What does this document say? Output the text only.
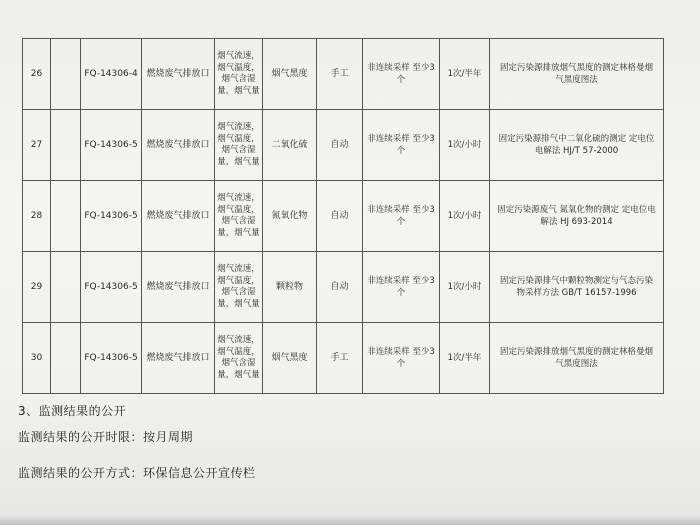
26		FQ-14306-4	燃烧废气排放口	烟气流速，烟气温度，烟气含湿量，烟气量	烟气黑度	手工	非连续采样 至少3个	1次/半年	固定污染源排放烟气黑度的测定林格曼烟气黑度图法
27		FQ-14306-5	燃烧废气排放口	烟气流速，烟气温度，烟气含湿量，烟气量	二氧化硫	自动	非连续采样 至少3个	1次/小时	固定污染源排气中二氧化硫的测定 定电位电解法 HJ/T 57-2000
28		FQ-14306-5	燃烧废气排放口	烟气流速，烟气温度，烟气含湿量，烟气量	氮氧化物	自动	非连续采样 至少3个	1次/小时	固定污染源废气 氮氧化物的测定 定电位电解法 HJ 693-2014
29		FQ-14306-5	燃烧废气排放口	烟气流速，烟气温度，烟气含湿量，烟气量	颗粒物	自动	非连续采样 至少3个	1次/小时	固定污染源排气中颗粒物测定与气态污染物采样方法 GB/T 16157-1996
30		FQ-14306-5	燃烧废气排放口	烟气流速，烟气温度，烟气含湿量，烟气量	烟气黑度	手工	非连续采样 至少3个	1次/半年	固定污染源排放烟气黑度的测定林格曼烟气黑度图法
3、监测结果的公开
监测结果的公开时限：按月周期
监测结果的公开方式：环保信息公开宣传栏
